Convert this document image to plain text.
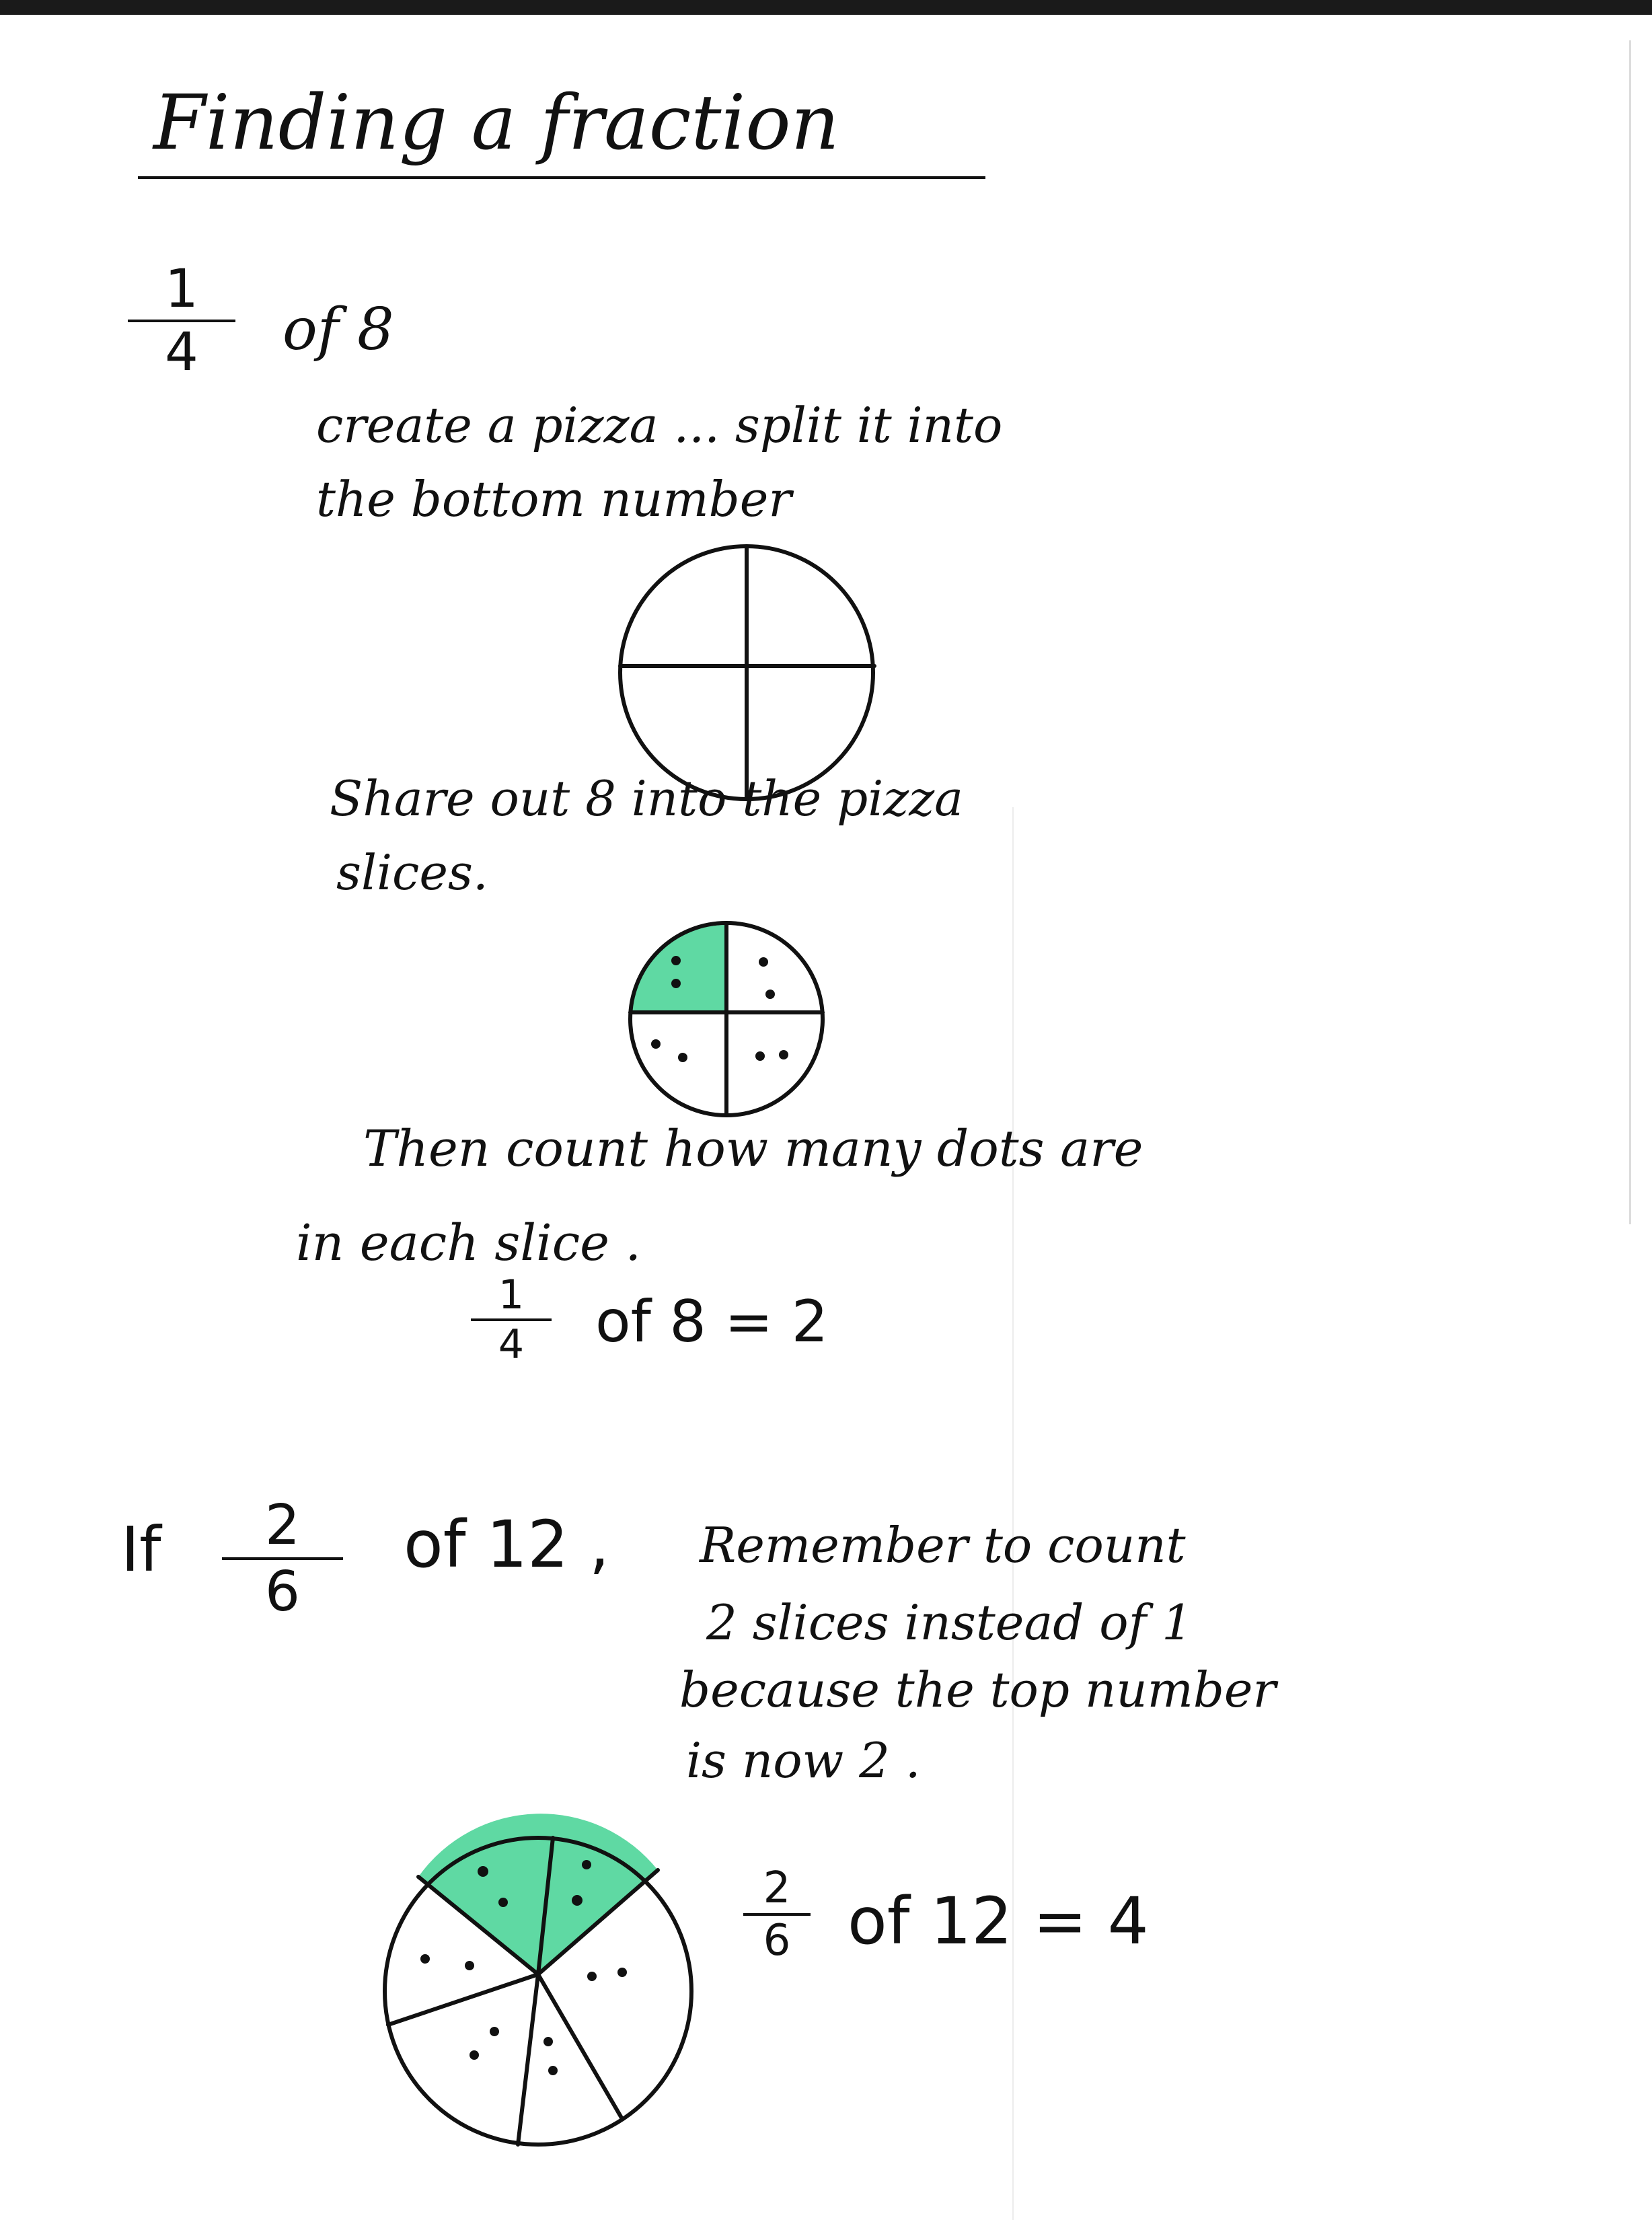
Finding a fraction
1
4	of 8
create a pizza ... split it into
the bottom number
Share out 8 into the pizza
slices.
Then count how many dots are
in each slice .
1
4	of 8 = 2
If	2
6
of 12 , Remember to count
2 slices instead of 1
because the top number
is now 2 .
2
6 of 12 = 4
